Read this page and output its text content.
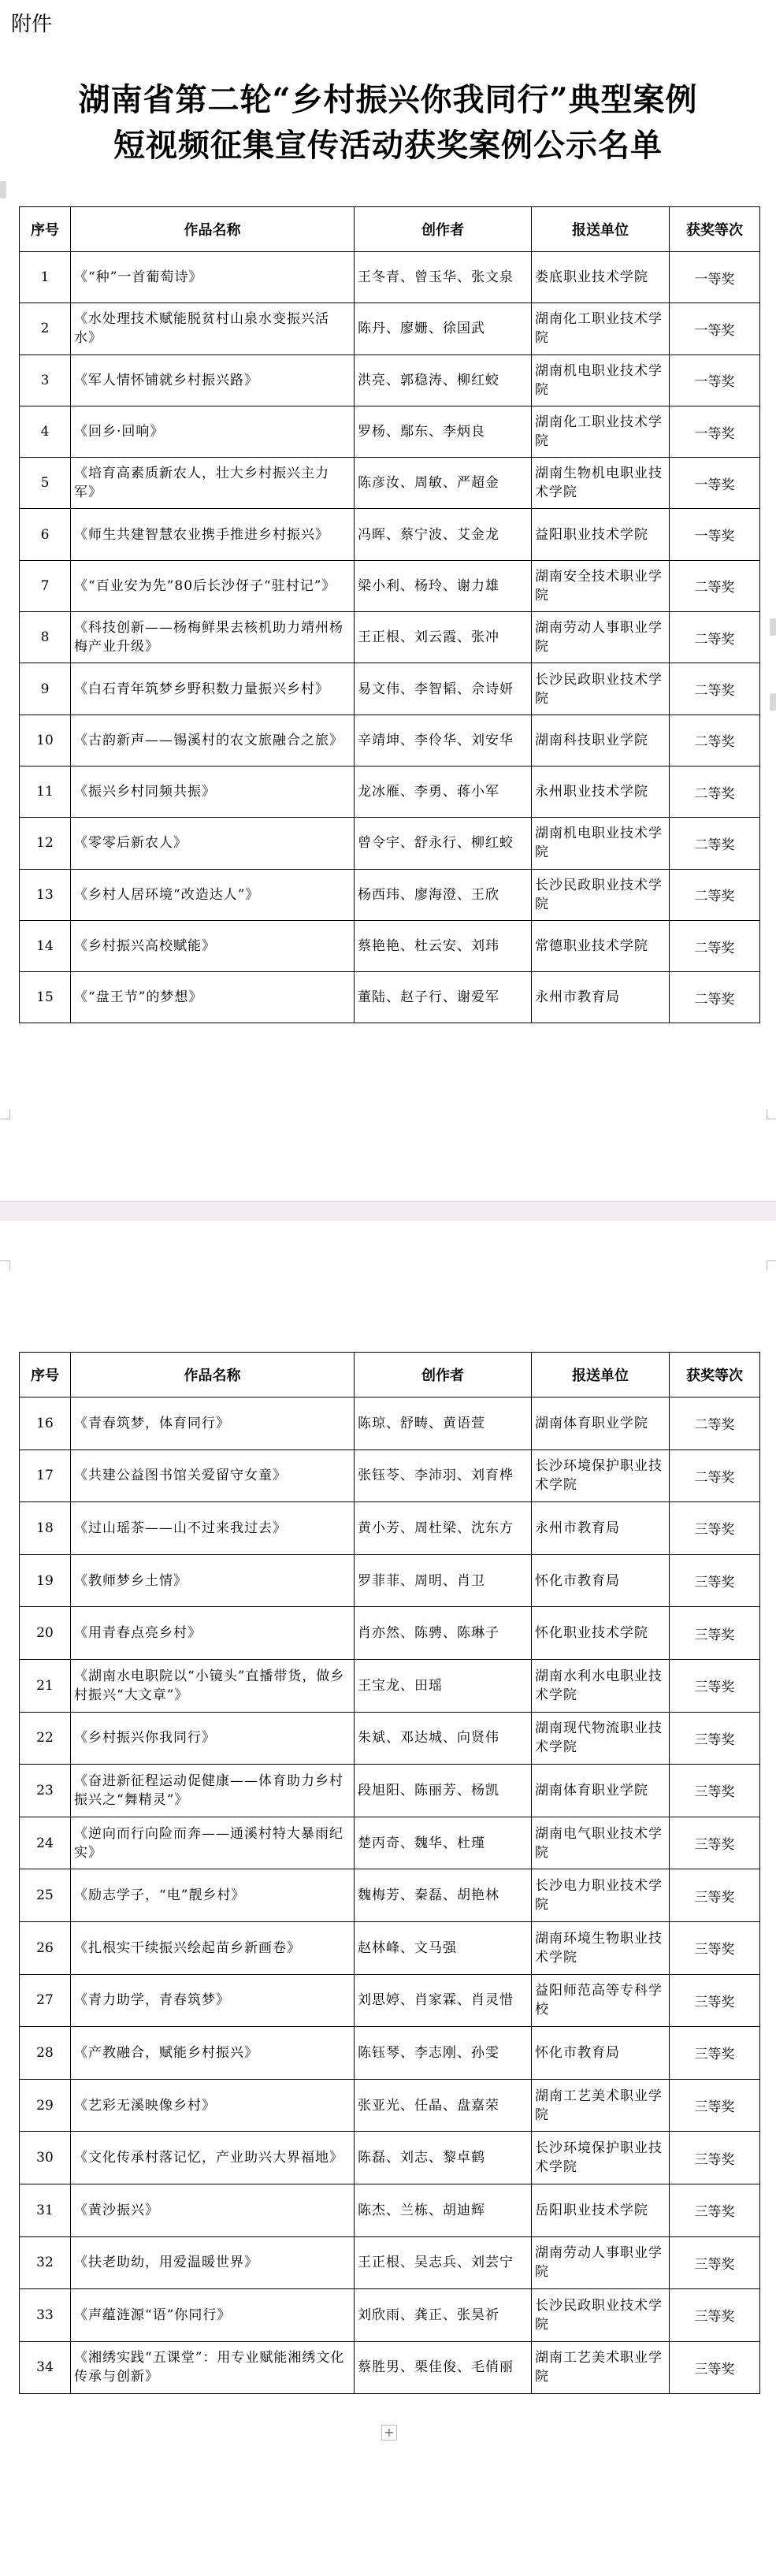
附件
湖南省第二轮“乡村振兴你我同行”典型案例
短视频征集宣传活动获奖案例公示名单
序号	作品名称	创作者	报送单位	获奖等次
1	《“种”一首葡萄诗》	王冬青、曾玉华、张文泉	娄底职业技术学院	一等奖
2	《水处理技术赋能脱贫村山泉水变振兴活水》	陈丹、廖姗、徐国武	湖南化工职业技术学院	一等奖
3	《军人情怀铺就乡村振兴路》	洪亮、郭稳涛、柳红蛟	湖南机电职业技术学院	一等奖
4	《回乡·回响》	罗杨、鄢东、李炳良	湖南化工职业技术学院	一等奖
5	《培育高素质新农人，壮大乡村振兴主力军》	陈彦汝、周敏、严超金	湖南生物机电职业技术学院	一等奖
6	《师生共建智慧农业携手推进乡村振兴》	冯晖、蔡宁波、艾金龙	益阳职业技术学院	一等奖
7	《“百业安为先”80后长沙伢子“驻村记”》	梁小利、杨玲、谢力雄	湖南安全技术职业学院	二等奖
8	《科技创新——杨梅鲜果去核机助力靖州杨梅产业升级》	王正根、刘云霞、张冲	湖南劳动人事职业学院	二等奖
9	《白石青年筑梦乡野积数力量振兴乡村》	易文伟、李智韬、佘诗妍	长沙民政职业技术学院	二等奖
10	《古韵新声——锡溪村的农文旅融合之旅》	辛靖坤、李伶华、刘安华	湖南科技职业学院	二等奖
11	《振兴乡村同频共振》	龙冰雁、李勇、蒋小军	永州职业技术学院	二等奖
12	《零零后新农人》	曾令宇、舒永行、柳红蛟	湖南机电职业技术学院	二等奖
13	《乡村人居环境“改造达人”》	杨西玮、廖海澄、王欣	长沙民政职业技术学院	二等奖
14	《乡村振兴高校赋能》	蔡艳艳、杜云安、刘玮	常德职业技术学院	二等奖
15	《“盘王节”的梦想》	董陆、赵子行、谢爱军	永州市教育局	二等奖
序号	作品名称	创作者	报送单位	获奖等次
16	《青春筑梦，体育同行》	陈琼、舒畴、黄语萱	湖南体育职业学院	二等奖
17	《共建公益图书馆关爱留守女童》	张钰苓、李沛羽、刘育桦	长沙环境保护职业技术学院	二等奖
18	《过山瑶茶——山不过来我过去》	黄小芳、周杜梁、沈东方	永州市教育局	三等奖
19	《教师梦乡土情》	罗菲菲、周明、肖卫	怀化市教育局	三等奖
20	《用青春点亮乡村》	肖亦然、陈骋、陈琳子	怀化职业技术学院	三等奖
21	《湖南水电职院以“小镜头”直播带货，做乡村振兴“大文章”》	王宝龙、田瑶	湖南水利水电职业技术学院	三等奖
22	《乡村振兴你我同行》	朱斌、邓达城、向贤伟	湖南现代物流职业技术学院	三等奖
23	《奋进新征程运动促健康——体育助力乡村振兴之“舞精灵”》	段旭阳、陈丽芳、杨凯	湖南体育职业学院	三等奖
24	《逆向而行向险而奔——通溪村特大暴雨纪实》	楚丙奇、魏华、杜瑾	湖南电气职业技术学院	三等奖
25	《励志学子，“电”靓乡村》	魏梅芳、秦磊、胡艳林	长沙电力职业技术学院	三等奖
26	《扎根实干续振兴绘起苗乡新画卷》	赵林峰、文马强	湖南环境生物职业技术学院	三等奖
27	《青力助学，青春筑梦》	刘思婷、肖家霖、肖灵惜	益阳师范高等专科学校	三等奖
28	《产教融合，赋能乡村振兴》	陈钰琴、李志刚、孙雯	怀化市教育局	三等奖
29	《艺彩无溪映像乡村》	张亚光、任晶、盘嘉荣	湖南工艺美术职业学院	三等奖
30	《文化传承村落记忆，产业助兴大界福地》	陈磊、刘志、黎卓鹤	长沙环境保护职业技术学院	三等奖
31	《黄沙振兴》	陈杰、兰栋、胡迪辉	岳阳职业技术学院	三等奖
32	《扶老助幼，用爱温暖世界》	王正根、吴志兵、刘芸宁	湖南劳动人事职业学院	三等奖
33	《声蕴涟源“语”你同行》	刘欣雨、龚正、张昊祈	长沙民政职业技术学院	三等奖
34	《湘绣实践“五课堂”：用专业赋能湘绣文化传承与创新》	蔡胜男、栗佳俊、毛俏丽	湖南工艺美术职业学院	三等奖
+
